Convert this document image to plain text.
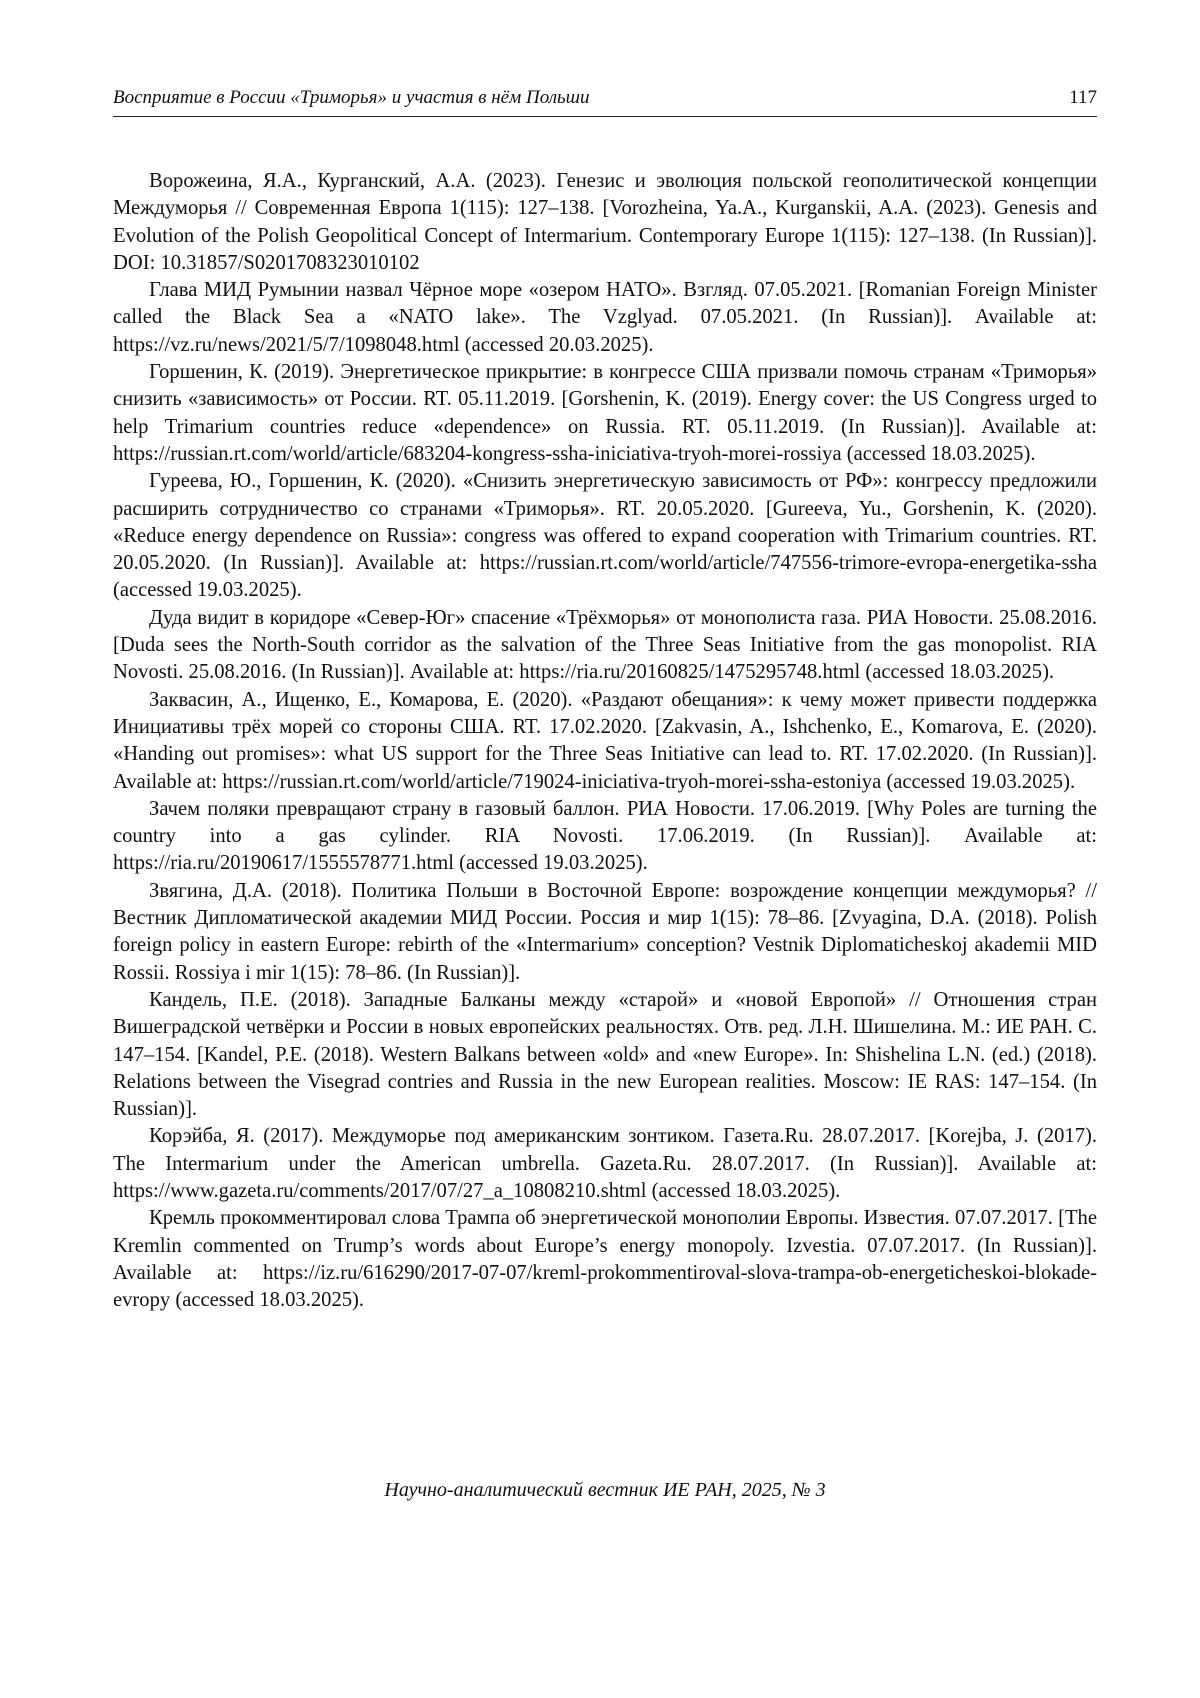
Восприятие в России «Триморья» и участия в нём Польши	117

Ворожеина, Я.А., Курганский, А.А. (2023). Генезис и эволюция польской геополитической концепции Междуморья // Современная Европа 1(115): 127–138. [Vorozheina, Ya.A., Kurganskii, A.A. (2023). Genesis and Evolution of the Polish Geopolitical Concept of Intermarium. Contemporary Europe 1(115): 127–138. (In Russian)]. DOI: 10.31857/S0201708323010102

Глава МИД Румынии назвал Чёрное море «озером НАТО». Взгляд. 07.05.2021. [Romanian Foreign Minister called the Black Sea a «NATO lake». The Vzglyad. 07.05.2021. (In Russian)]. Available at: https://vz.ru/news/2021/5/7/1098048.html (accessed 20.03.2025).

Горшенин, К. (2019). Энергетическое прикрытие: в конгрессе США призвали помочь странам «Триморья» снизить «зависимость» от России. RT. 05.11.2019. [Gorshenin, K. (2019). Energy cover: the US Congress urged to help Trimarium countries reduce «dependence» on Russia. RT. 05.11.2019. (In Russian)]. Available at: https://russian.rt.com/world/article/683204-kongress-ssha-iniciativa-tryoh-morei-rossiya (accessed 18.03.2025).

Гуреева, Ю., Горшенин, К. (2020). «Снизить энергетическую зависимость от РФ»: конгрессу предложили расширить сотрудничество со странами «Триморья». RT. 20.05.2020. [Gureeva, Yu., Gorshenin, K. (2020). «Reduce energy dependence on Russia»: congress was offered to expand cooperation with Trimarium countries. RT. 20.05.2020. (In Russian)]. Available at: https://russian.rt.com/world/article/747556-trimore-evropa-energetika-ssha (accessed 19.03.2025).

Дуда видит в коридоре «Север-Юг» спасение «Трёхморья» от монополиста газа. РИА Новости. 25.08.2016. [Duda sees the North-South corridor as the salvation of the Three Seas Initiative from the gas monopolist. RIA Novosti. 25.08.2016. (In Russian)]. Available at: https://ria.ru/20160825/1475295748.html (accessed 18.03.2025).

Заквасин, А., Ищенко, Е., Комарова, Е. (2020). «Раздают обещания»: к чему может привести поддержка Инициативы трёх морей со стороны США. RT. 17.02.2020. [Zakvasin, A., Ishchenko, E., Komarova, E. (2020). «Handing out promises»: what US support for the Three Seas Initiative can lead to. RT. 17.02.2020. (In Russian)]. Available at: https://russian.rt.com/world/article/719024-iniciativa-tryoh-morei-ssha-estoniya (accessed 19.03.2025).

Зачем поляки превращают страну в газовый баллон. РИА Новости. 17.06.2019. [Why Poles are turning the country into a gas cylinder. RIA Novosti. 17.06.2019. (In Russian)]. Available at: https://ria.ru/20190617/1555578771.html (accessed 19.03.2025).

Звягина, Д.А. (2018). Политика Польши в Восточной Европе: возрождение концепции междуморья? // Вестник Дипломатической академии МИД России. Россия и мир 1(15): 78–86. [Zvyagina, D.A. (2018). Polish foreign policy in eastern Europe: rebirth of the «Intermarium» conception? Vestnik Diplomaticheskoj akademii MID Rossii. Rossiya i mir 1(15): 78–86. (In Russian)].

Кандель, П.Е. (2018). Западные Балканы между «старой» и «новой Европой» // Отношения стран Вишеградской четвёрки и России в новых европейских реальностях. Отв. ред. Л.Н. Шишелина. М.: ИЕ РАН. С. 147–154. [Kandel, P.E. (2018). Western Balkans between «old» and «new Europe». In: Shishelina L.N. (ed.) (2018). Relations between the Visegrad contries and Russia in the new European realities. Moscow: IE RAS: 147–154. (In Russian)].

Корэйба, Я. (2017). Междуморье под американским зонтиком. Газета.Ru. 28.07.2017. [Korejba, J. (2017). The Intermarium under the American umbrella. Gazeta.Ru. 28.07.2017. (In Russian)]. Available at: https://www.gazeta.ru/comments/2017/07/27_a_10808210.shtml (accessed 18.03.2025).

Кремль прокомментировал слова Трампа об энергетической монополии Европы. Известия. 07.07.2017. [The Kremlin commented on Trump’s words about Europe’s energy monopoly. Izvestia. 07.07.2017. (In Russian)]. Available at: https://iz.ru/616290/2017-07-07/kreml-prokommentiroval-slova-trampa-ob-energeticheskoi-blokade-evropy (accessed 18.03.2025).

Научно-аналитический вестник ИЕ РАН, 2025, № 3
